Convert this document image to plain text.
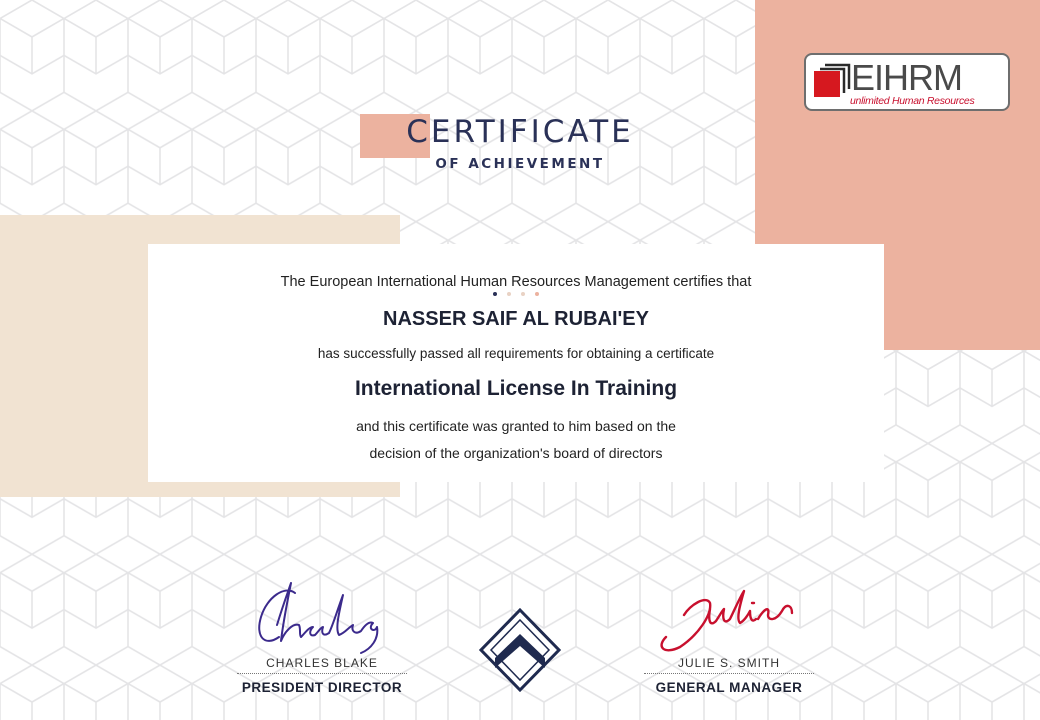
EIHRM
unlimited Human Resources
CERTIFICATE
OF ACHIEVEMENT
The European International Human Resources Management certifies that
NASSER SAIF AL RUBAI'EY
has successfully passed all requirements for obtaining a certificate
International License In Training
and this certificate was granted to him based on the
decision of the organization's board of directors
CHARLES BLAKE
PRESIDENT DIRECTOR
JULIE S. SMITH
GENERAL MANAGER
